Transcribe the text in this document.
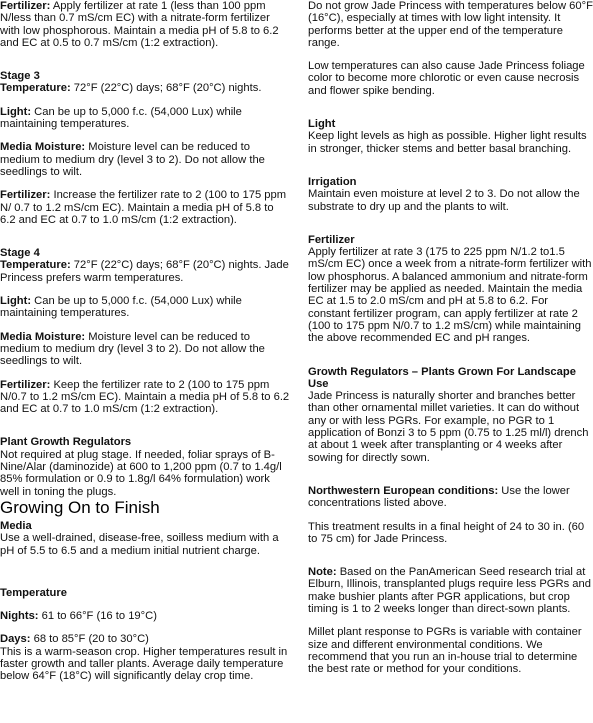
Fertilizer: Apply fertilizer at rate 1 (less than 100 ppm N/less than 0.7 mS/cm EC) with a nitrate-form fertilizer with low phosphorous. Maintain a media pH of 5.8 to 6.2 and EC at 0.5 to 0.7 mS/cm (1:2 extraction).

Stage 3

Temperature: 72°F (22°C) days; 68°F (20°C) nights.

Light: Can be up to 5,000 f.c. (54,000 Lux) while maintaining temperatures.

Media Moisture: Moisture level can be reduced to medium to medium dry (level 3 to 2). Do not allow the seedlings to wilt.

Fertilizer: Increase the fertilizer rate to 2 (100 to 175 ppm N/ 0.7 to 1.2 mS/cm EC). Maintain a media pH of 5.8 to 6.2 and EC at 0.7 to 1.0 mS/cm (1:2 extraction).

Stage 4

Temperature: 72°F (22°C) days; 68°F (20°C) nights. Jade Princess prefers warm temperatures.

Light: Can be up to 5,000 f.c. (54,000 Lux) while maintaining temperatures.

Media Moisture: Moisture level can be reduced to medium to medium dry (level 3 to 2). Do not allow the seedlings to wilt.

Fertilizer: Keep the fertilizer rate to 2 (100 to 175 ppm N/0.7 to 1.2 mS/cm EC). Maintain a media pH of 5.8 to 6.2 and EC at 0.7 to 1.0 mS/cm (1:2 extraction).

Plant Growth Regulators

Not required at plug stage. If needed, foliar sprays of B-Nine/Alar (daminozide) at 600 to 1,200 ppm (0.7 to 1.4g/l 85% formulation or 0.9 to 1.8g/l 64% formulation) work well in toning the plugs.

Growing On to Finish

Media

Use a well-drained, disease-free, soilless medium with a pH of 5.5 to 6.5 and a medium initial nutrient charge.

Temperature

Nights: 61 to 66°F (16 to 19°C)

Days: 68 to 85°F (20 to 30°C)

This is a warm-season crop. Higher temperatures result in faster growth and taller plants. Average daily temperature below 64°F (18°C) will significantly delay crop time.

Do not grow Jade Princess with temperatures below 60°F (16°C), especially at times with low light intensity. It performs better at the upper end of the temperature range.

Low temperatures can also cause Jade Princess foliage color to become more chlorotic or even cause necrosis and flower spike bending.

Light

Keep light levels as high as possible. Higher light results in stronger, thicker stems and better basal branching.

Irrigation

Maintain even moisture at level 2 to 3. Do not allow the substrate to dry up and the plants to wilt.

Fertilizer

Apply fertilizer at rate 3 (175 to 225 ppm N/1.2 to1.5 mS/cm EC) once a week from a nitrate-form fertilizer with low phosphorus. A balanced ammonium and nitrate-form fertilizer may be applied as needed. Maintain the media EC at 1.5 to 2.0 mS/cm and pH at 5.8 to 6.2. For constant fertilizer program, can apply fertilizer at rate 2 (100 to 175 ppm N/0.7 to 1.2 mS/cm) while maintaining the above recommended EC and pH ranges.

Growth Regulators – Plants Grown For Landscape Use

Jade Princess is naturally shorter and branches better than other ornamental millet varieties. It can do without any or with less PGRs. For example, no PGR to 1 application of Bonzi 3 to 5 ppm (0.75 to 1.25 ml/l) drench at about 1 week after transplanting or 4 weeks after sowing for directly sown.

Northwestern European conditions: Use the lower concentrations listed above.

This treatment results in a final height of 24 to 30 in. (60 to 75 cm) for Jade Princess.

Note: Based on the PanAmerican Seed research trial at Elburn, Illinois, transplanted plugs require less PGRs and make bushier plants after PGR applications, but crop timing is 1 to 2 weeks longer than direct-sown plants.

Millet plant response to PGRs is variable with container size and different environmental conditions. We recommend that you run an in-house trial to determine the best rate or method for your conditions.
